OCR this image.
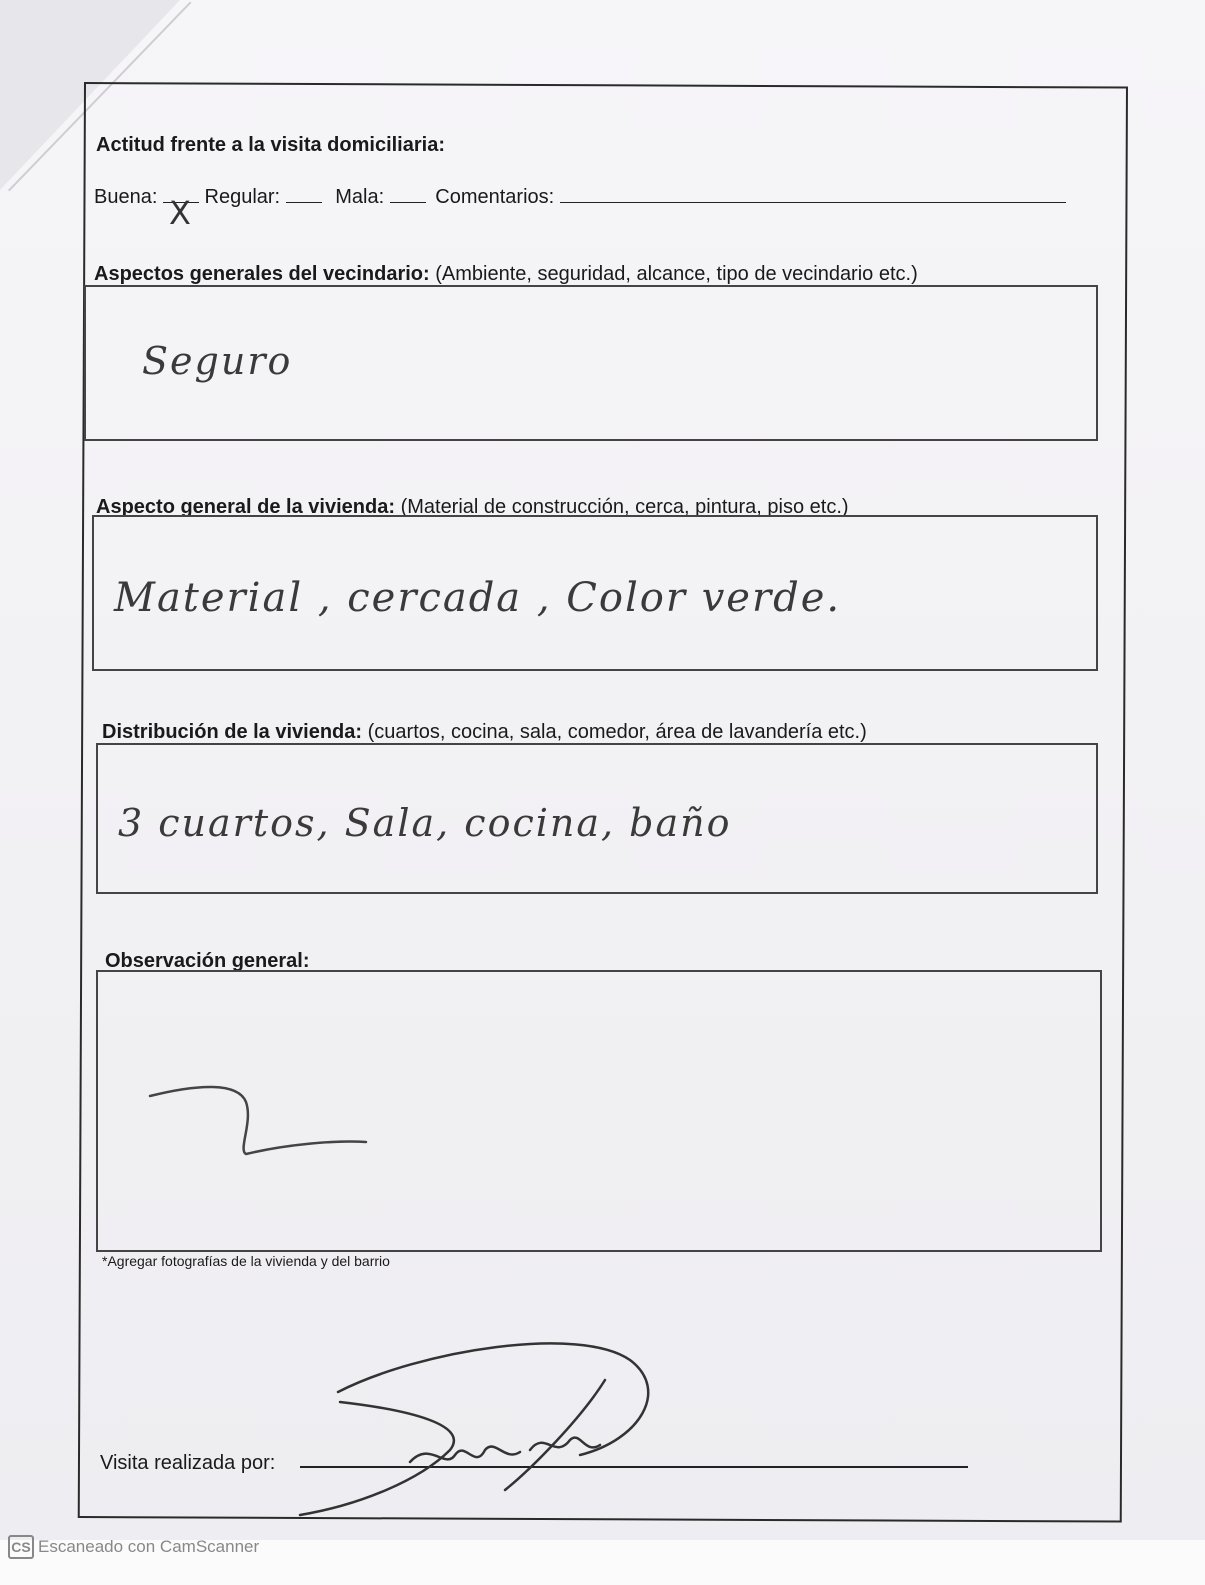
Actitud frente a la visita domiciliaria:
Buena: X Regular:	Mala:	Comentarios:
Aspectos generales del vecindario: (Ambiente, seguridad, alcance, tipo de vecindario etc.)
Seguro
Aspecto general de la vivienda: (Material de construcción, cerca, pintura, piso etc.)
Material , cercada , Color verde.
Distribución de la vivienda: (cuartos, cocina, sala, comedor, área de lavandería etc.)
3 cuartos, Sala, cocina, baño
Observación general:
*Agregar fotografías de la vivienda y del barrio
Visita realizada por:
CS Escaneado con CamScanner
